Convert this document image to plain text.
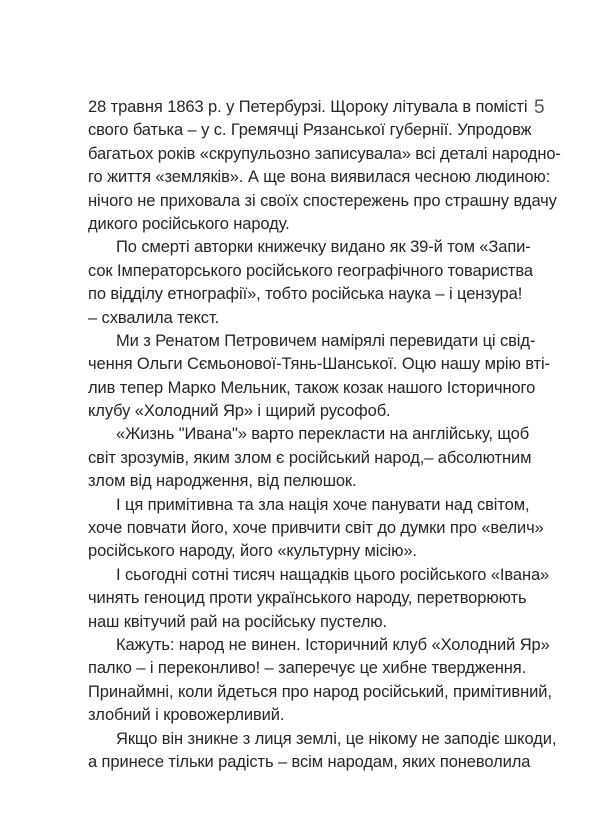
5
28 травня 1863 р. у Петербурзі. Щороку літувала в помісті
свого батька – у с. Гремячці Рязанської губернії. Упродовж
багатьох років «скрупульозно записувала» всі деталі народно-
го життя «земляків». А ще вона виявилася чесною людиною:
нічого не приховала зі своїх спостережень про страшну вдачу
дикого російського народу.
По смерті авторки книжечку видано як 39-й том «Запи-
сок Імператорського російського географічного товариства
по відділу етнографії», тобто російська наука – і цензура!
– схвалила текст.
Ми з Ренатом Петровичем намірялі перевидати ці свід-
чення Ольги Сємьонової-Тянь-Шанської. Оцю нашу мрію вті-
лив тепер Марко Мельник, також козак нашого Історичного
клубу «Холодний Яр» і щирий русофоб.
«Жизнь "Ивана"» варто перекласти на англійську, щоб
світ зрозумів, яким злом є російський народ,– абсолютним
злом від народження, від пелюшок.
І ця примітивна та зла нація хоче панувати над світом,
хоче повчати його, хоче привчити світ до думки про «велич»
російського народу, його «культурну місію».
І сьогодні сотні тисяч нащадків цього російського «Івана»
чинять геноцид проти українського народу, перетворюють
наш квітучий рай на російську пустелю.
Кажуть: народ не винен. Історичний клуб «Холодний Яр»
палко – і переконливо! – заперечує це хибне твердження.
Принаймні, коли йдеться про народ російський, примітивний,
злобний і кровожерливий.
Якщо він зникне з лиця землі, це нікому не заподіє шкоди,
а принесе тільки радість – всім народам, яких поневолила
